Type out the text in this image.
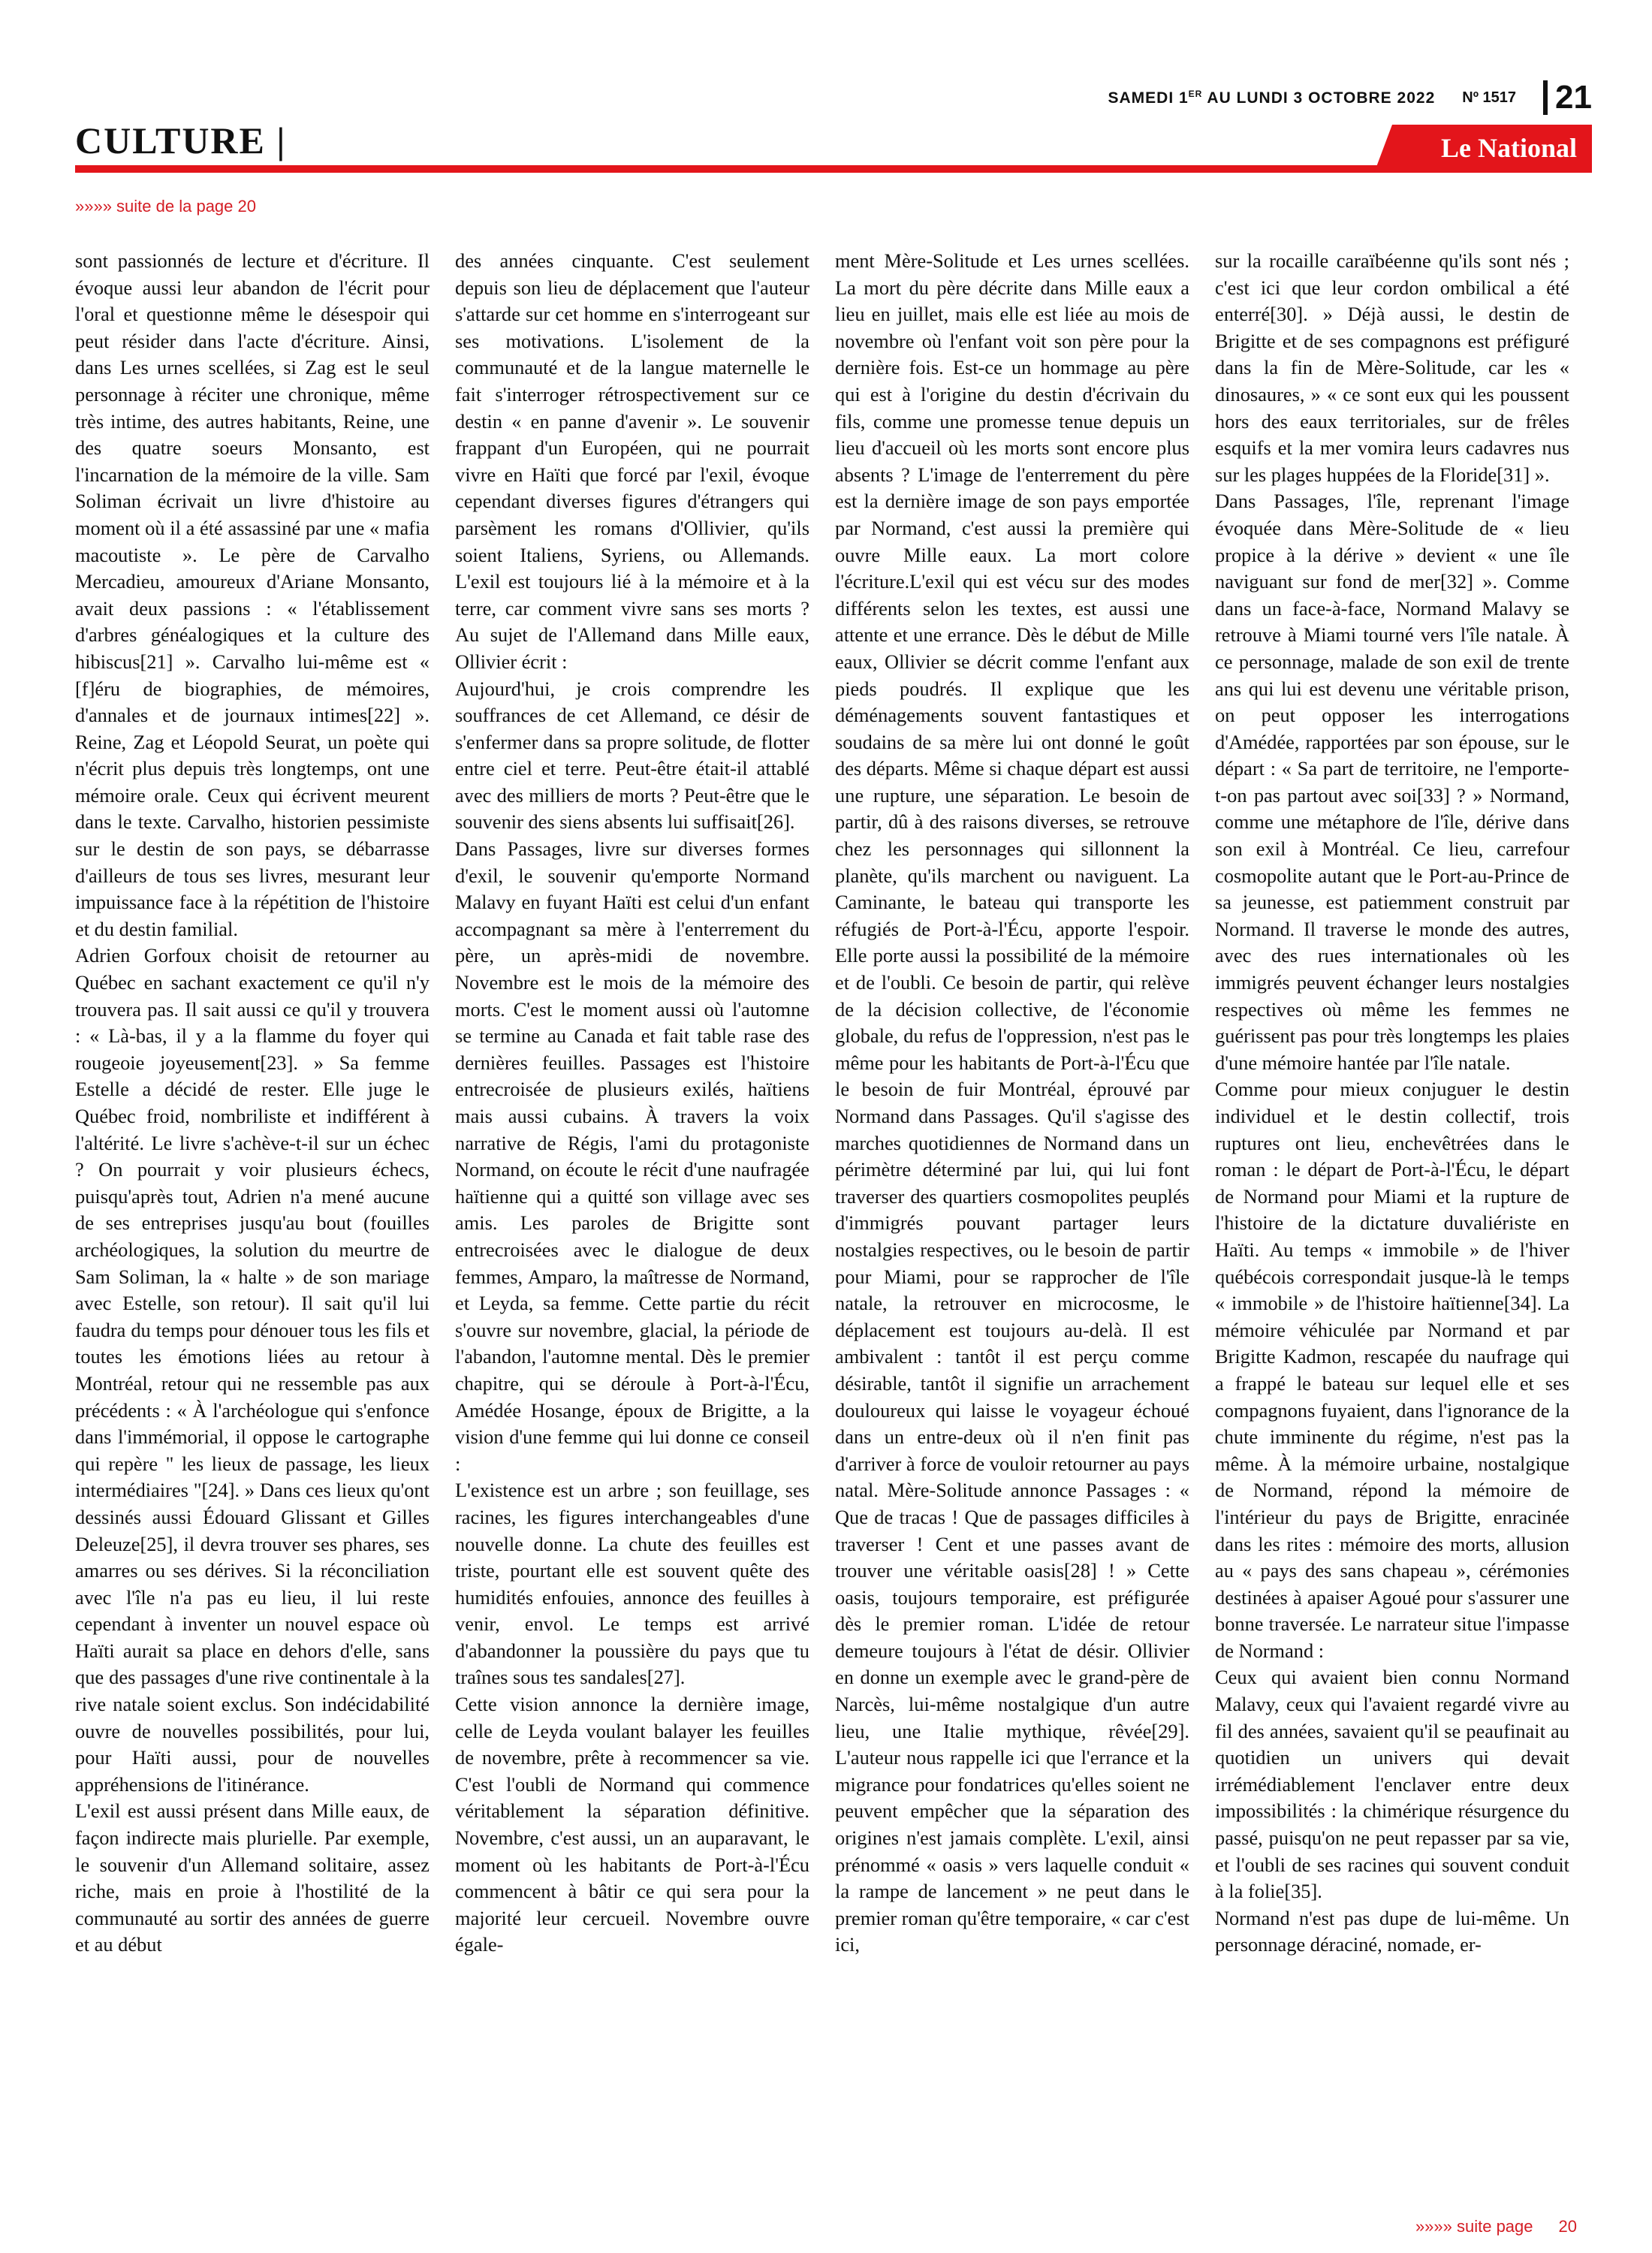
SAMEDI 1ER AU LUNDI 3 OCTOBRE 2022 Nº 1517 21
CULTURE |	Le National
»»»» suite de la page 20

sont passionnés de lecture et d'écriture. Il évoque aussi leur abandon de l'écrit pour l'oral et questionne même le désespoir qui peut résider dans l'acte d'écriture. Ainsi, dans Les urnes scellées, si Zag est le seul personnage à réciter une chronique, même très intime, des autres habitants, Reine, une des quatre soeurs Monsanto, est l'incarnation de la mémoire de la ville. Sam Soliman écrivait un livre d'histoire au moment où il a été assassiné par une « mafia macoutiste ». Le père de Carvalho Mercadieu, amoureux d'Ariane Monsanto, avait deux passions : « l'établissement d'arbres généalogiques et la culture des hibiscus[21] ». Carvalho lui-même est « [f]éru de biographies, de mémoires, d'annales et de journaux intimes[22] ». Reine, Zag et Léopold Seurat, un poète qui n'écrit plus depuis très longtemps, ont une mémoire orale. Ceux qui écrivent meurent dans le texte. Carvalho, historien pessimiste sur le destin de son pays, se débarrasse d'ailleurs de tous ses livres, mesurant leur impuissance face à la répétition de l'histoire et du destin familial.

Adrien Gorfoux choisit de retourner au Québec en sachant exactement ce qu'il n'y trouvera pas. Il sait aussi ce qu'il y trouvera : « Là-bas, il y a la flamme du foyer qui rougeoie joyeusement[23]. » Sa femme Estelle a décidé de rester. Elle juge le Québec froid, nombriliste et indifférent à l'altérité. Le livre s'achève-t-il sur un échec ? On pourrait y voir plusieurs échecs, puisqu'après tout, Adrien n'a mené aucune de ses entreprises jusqu'au bout (fouilles archéologiques, la solution du meurtre de Sam Soliman, la « halte » de son mariage avec Estelle, son retour). Il sait qu'il lui faudra du temps pour dénouer tous les fils et toutes les émotions liées au retour à Montréal, retour qui ne ressemble pas aux précédents : « À l'archéologue qui s'enfonce dans l'immémorial, il oppose le cartographe qui repère " les lieux de passage, les lieux intermédiaires "[24]. » Dans ces lieux qu'ont dessinés aussi Édouard Glissant et Gilles Deleuze[25], il devra trouver ses phares, ses amarres ou ses dérives. Si la réconciliation avec l'île n'a pas eu lieu, il lui reste cependant à inventer un nouvel espace où Haïti aurait sa place en dehors d'elle, sans que des passages d'une rive continentale à la rive natale soient exclus. Son indécidabilité ouvre de nouvelles possibilités, pour lui, pour Haïti aussi, pour de nouvelles appréhensions de l'itinérance.

L'exil est aussi présent dans Mille eaux, de façon indirecte mais plurielle. Par exemple, le souvenir d'un Allemand solitaire, assez riche, mais en proie à l'hostilité de la communauté au sortir des années de guerre et au début

des années cinquante. C'est seulement depuis son lieu de déplacement que l'auteur s'attarde sur cet homme en s'interrogeant sur ses motivations. L'isolement de la communauté et de la langue maternelle le fait s'interroger rétrospectivement sur ce destin « en panne d'avenir ». Le souvenir frappant d'un Européen, qui ne pourrait vivre en Haïti que forcé par l'exil, évoque cependant diverses figures d'étrangers qui parsèment les romans d'Ollivier, qu'ils soient Italiens, Syriens, ou Allemands. L'exil est toujours lié à la mémoire et à la terre, car comment vivre sans ses morts ? Au sujet de l'Allemand dans Mille eaux, Ollivier écrit :

Aujourd'hui, je crois comprendre les souffrances de cet Allemand, ce désir de s'enfermer dans sa propre solitude, de flotter entre ciel et terre. Peut-être était-il attablé avec des milliers de morts ? Peut-être que le souvenir des siens absents lui suffisait[26].

Dans Passages, livre sur diverses formes d'exil, le souvenir qu'emporte Normand Malavy en fuyant Haïti est celui d'un enfant accompagnant sa mère à l'enterrement du père, un après-midi de novembre. Novembre est le mois de la mémoire des morts. C'est le moment aussi où l'automne se termine au Canada et fait table rase des dernières feuilles. Passages est l'histoire entrecroisée de plusieurs exilés, haïtiens mais aussi cubains. À travers la voix narrative de Régis, l'ami du protagoniste Normand, on écoute le récit d'une naufragée haïtienne qui a quitté son village avec ses amis. Les paroles de Brigitte sont entrecroisées avec le dialogue de deux femmes, Amparo, la maîtresse de Normand, et Leyda, sa femme. Cette partie du récit s'ouvre sur novembre, glacial, la période de l'abandon, l'automne mental. Dès le premier chapitre, qui se déroule à Port-à-l'Écu, Amédée Hosange, époux de Brigitte, a la vision d'une femme qui lui donne ce conseil :

L'existence est un arbre ; son feuillage, ses racines, les figures interchangeables d'une nouvelle donne. La chute des feuilles est triste, pourtant elle est souvent quête des humidités enfouies, annonce des feuilles à venir, envol. Le temps est arrivé d'abandonner la poussière du pays que tu traînes sous tes sandales[27].

Cette vision annonce la dernière image, celle de Leyda voulant balayer les feuilles de novembre, prête à recommencer sa vie. C'est l'oubli de Normand qui commence véritablement la séparation définitive. Novembre, c'est aussi, un an auparavant, le moment où les habitants de Port-à-l'Écu commencent à bâtir ce qui sera pour la majorité leur cercueil. Novembre ouvre égale-

ment Mère-Solitude et Les urnes scellées. La mort du père décrite dans Mille eaux a lieu en juillet, mais elle est liée au mois de novembre où l'enfant voit son père pour la dernière fois. Est-ce un hommage au père qui est à l'origine du destin d'écrivain du fils, comme une promesse tenue depuis un lieu d'accueil où les morts sont encore plus absents ? L'image de l'enterrement du père est la dernière image de son pays emportée par Normand, c'est aussi la première qui ouvre Mille eaux. La mort colore l'écriture.L'exil qui est vécu sur des modes différents selon les textes, est aussi une attente et une errance. Dès le début de Mille eaux, Ollivier se décrit comme l'enfant aux pieds poudrés. Il explique que les déménagements souvent fantastiques et soudains de sa mère lui ont donné le goût des départs. Même si chaque départ est aussi une rupture, une séparation. Le besoin de partir, dû à des raisons diverses, se retrouve chez les personnages qui sillonnent la planète, qu'ils marchent ou naviguent. La Caminante, le bateau qui transporte les réfugiés de Port-à-l'Écu, apporte l'espoir. Elle porte aussi la possibilité de la mémoire et de l'oubli. Ce besoin de partir, qui relève de la décision collective, de l'économie globale, du refus de l'oppression, n'est pas le même pour les habitants de Port-à-l'Écu que le besoin de fuir Montréal, éprouvé par Normand dans Passages. Qu'il s'agisse des marches quotidiennes de Normand dans un périmètre déterminé par lui, qui lui font traverser des quartiers cosmopolites peuplés d'immigrés pouvant partager leurs nostalgies respectives, ou le besoin de partir pour Miami, pour se rapprocher de l'île natale, la retrouver en microcosme, le déplacement est toujours au-delà. Il est ambivalent : tantôt il est perçu comme désirable, tantôt il signifie un arrachement douloureux qui laisse le voyageur échoué dans un entre-deux où il n'en finit pas d'arriver à force de vouloir retourner au pays natal. Mère-Solitude annonce Passages : « Que de tracas ! Que de passages difficiles à traverser ! Cent et une passes avant de trouver une véritable oasis[28] ! » Cette oasis, toujours temporaire, est préfigurée dès le premier roman. L'idée de retour demeure toujours à l'état de désir. Ollivier en donne un exemple avec le grand-père de Narcès, lui-même nostalgique d'un autre lieu, une Italie mythique, rêvée[29]. L'auteur nous rappelle ici que l'errance et la migrance pour fondatrices qu'elles soient ne peuvent empêcher que la séparation des origines n'est jamais complète. L'exil, ainsi prénommé « oasis » vers laquelle conduit « la rampe de lancement » ne peut dans le premier roman qu'être temporaire, « car c'est ici,

sur la rocaille caraïbéenne qu'ils sont nés ; c'est ici que leur cordon ombilical a été enterré[30]. » Déjà aussi, le destin de Brigitte et de ses compagnons est préfiguré dans la fin de Mère-Solitude, car les « dinosaures, » « ce sont eux qui les poussent hors des eaux territoriales, sur de frêles esquifs et la mer vomira leurs cadavres nus sur les plages huppées de la Floride[31] ».

Dans Passages, l'île, reprenant l'image évoquée dans Mère-Solitude de « lieu propice à la dérive » devient « une île naviguant sur fond de mer[32] ». Comme dans un face-à-face, Normand Malavy se retrouve à Miami tourné vers l'île natale. À ce personnage, malade de son exil de trente ans qui lui est devenu une véritable prison, on peut opposer les interrogations d'Amédée, rapportées par son épouse, sur le départ : « Sa part de territoire, ne l'emporte-t-on pas partout avec soi[33] ? » Normand, comme une métaphore de l'île, dérive dans son exil à Montréal. Ce lieu, carrefour cosmopolite autant que le Port-au-Prince de sa jeunesse, est patiemment construit par Normand. Il traverse le monde des autres, avec des rues internationales où les immigrés peuvent échanger leurs nostalgies respectives où même les femmes ne guérissent pas pour très longtemps les plaies d'une mémoire hantée par l'île natale.

Comme pour mieux conjuguer le destin individuel et le destin collectif, trois ruptures ont lieu, enchevêtrées dans le roman : le départ de Port-à-l'Écu, le départ de Normand pour Miami et la rupture de l'histoire de la dictature duvaliériste en Haïti. Au temps « immobile » de l'hiver québécois correspondait jusque-là le temps « immobile » de l'histoire haïtienne[34]. La mémoire véhiculée par Normand et par Brigitte Kadmon, rescapée du naufrage qui a frappé le bateau sur lequel elle et ses compagnons fuyaient, dans l'ignorance de la chute imminente du régime, n'est pas la même. À la mémoire urbaine, nostalgique de Normand, répond la mémoire de l'intérieur du pays de Brigitte, enracinée dans les rites : mémoire des morts, allusion au « pays des sans chapeau », cérémonies destinées à apaiser Agoué pour s'assurer une bonne traversée. Le narrateur situe l'impasse de Normand :

Ceux qui avaient bien connu Normand Malavy, ceux qui l'avaient regardé vivre au fil des années, savaient qu'il se peaufinait au quotidien un univers qui devait irrémédiablement l'enclaver entre deux impossibilités : la chimérique résurgence du passé, puisqu'on ne peut repasser par sa vie, et l'oubli de ses racines qui souvent conduit à la folie[35].

Normand n'est pas dupe de lui-même. Un personnage déraciné, nomade, er-

»»»» suite page 20
